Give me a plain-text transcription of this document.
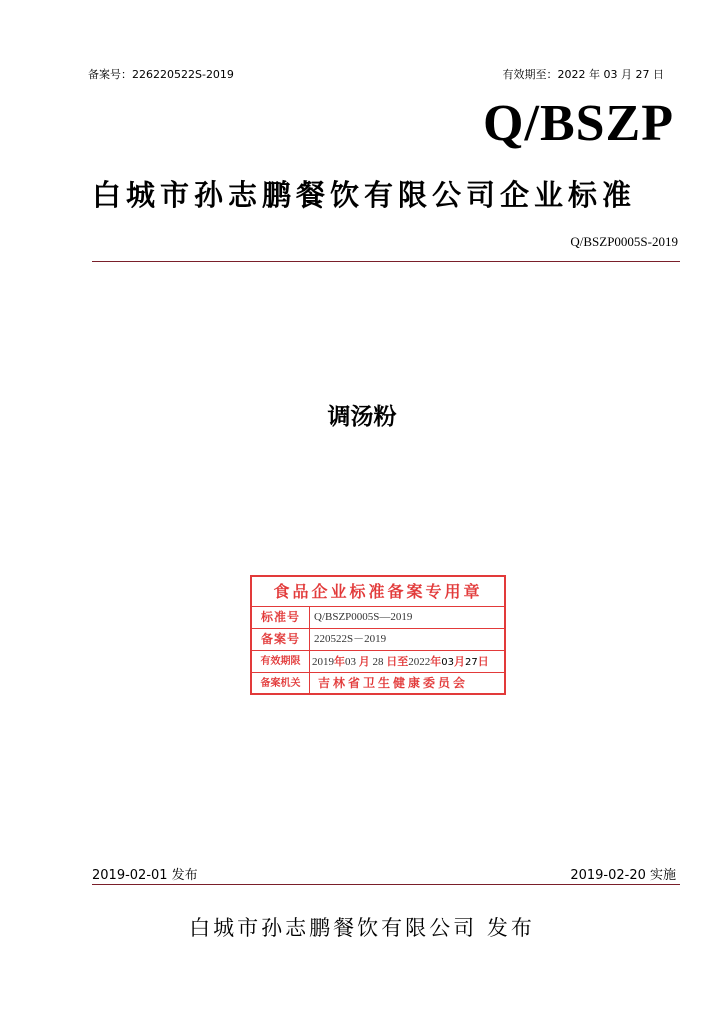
备案号：226220522S-2019	有效期至：2022 年 03 月 27 日
Q/BSZP
白城市孙志鹏餐饮有限公司企业标准
Q/BSZP0005S-2019
调汤粉
食品企业标准备案专用章
标准号	Q/BSZP0005S—2019
备案号	220522S－2019
有效期限	2019年03 月 28 日至2022年03月27日
备案机关	吉林省卫生健康委员会
2019-02-01 发布	2019-02-20 实施
白城市孙志鹏餐饮有限公司 发布
